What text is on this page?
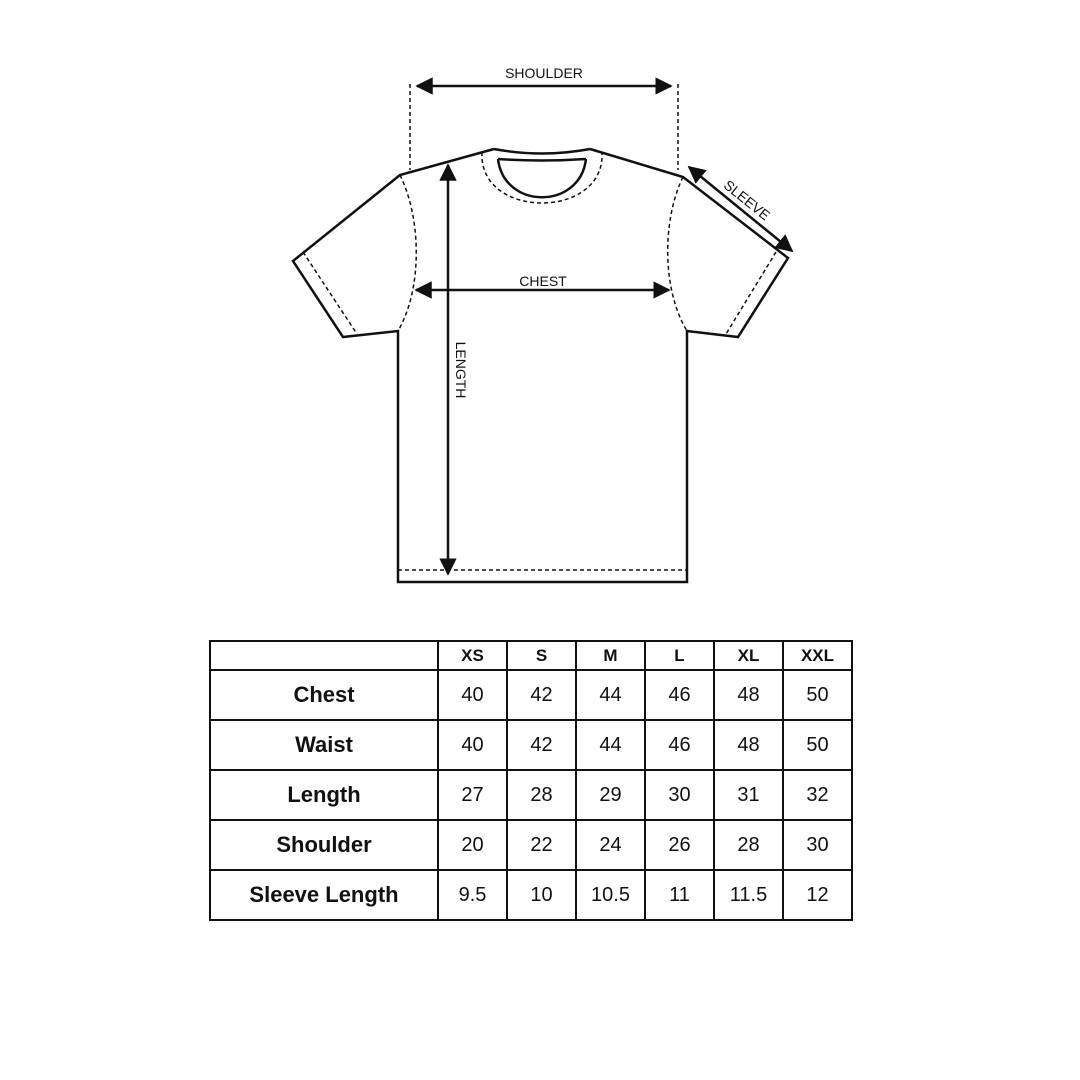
SHOULDER
CHEST
SLEEVE
LENGTH
	XS	S	M	L	XL	XXL
Chest	40	42	44	46	48	50
Waist	40	42	44	46	48	50
Length	27	28	29	30	31	32
Shoulder	20	22	24	26	28	30
Sleeve Length	9.5	10	10.5	11	11.5	12
